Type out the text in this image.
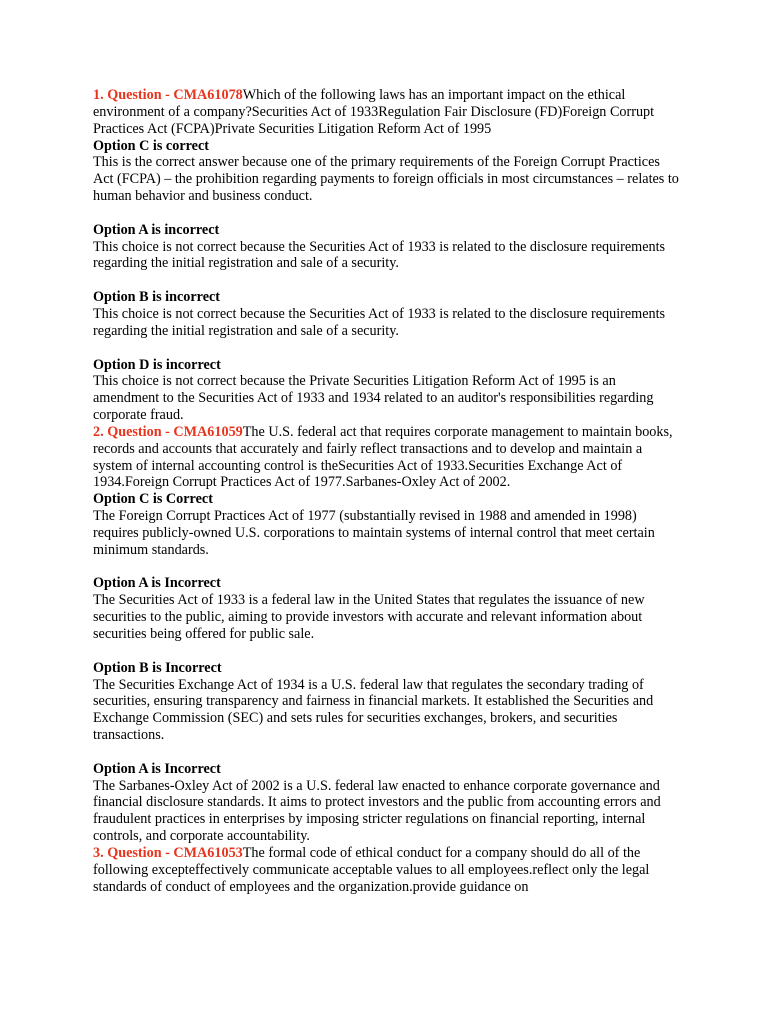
1. Question - CMA61078Which of the following laws has an important impact on the ethical environment of a company?Securities Act of 1933Regulation Fair Disclosure (FD)Foreign Corrupt Practices Act (FCPA)Private Securities Litigation Reform Act of 1995
Option C is correct
This is the correct answer because one of the primary requirements of the Foreign Corrupt Practices Act (FCPA) – the prohibition regarding payments to foreign officials in most circumstances – relates to human behavior and business conduct.
Option A is incorrect
This choice is not correct because the Securities Act of 1933 is related to the disclosure requirements regarding the initial registration and sale of a security.
Option B is incorrect
This choice is not correct because the Securities Act of 1933 is related to the disclosure requirements regarding the initial registration and sale of a security.
Option D is incorrect
This choice is not correct because the Private Securities Litigation Reform Act of 1995 is an amendment to the Securities Act of 1933 and 1934 related to an auditor's responsibilities regarding corporate fraud.
2. Question - CMA61059The U.S. federal act that requires corporate management to maintain books, records and accounts that accurately and fairly reflect transactions and to develop and maintain a system of internal accounting control is theSecurities Act of 1933.Securities Exchange Act of 1934.Foreign Corrupt Practices Act of 1977.Sarbanes-Oxley Act of 2002.
Option C is Correct
The Foreign Corrupt Practices Act of 1977 (substantially revised in 1988 and amended in 1998) requires publicly-owned U.S. corporations to maintain systems of internal control that meet certain minimum standards.
Option A is Incorrect
The Securities Act of 1933 is a federal law in the United States that regulates the issuance of new securities to the public, aiming to provide investors with accurate and relevant information about securities being offered for public sale.
Option B is Incorrect
The Securities Exchange Act of 1934 is a U.S. federal law that regulates the secondary trading of securities, ensuring transparency and fairness in financial markets. It established the Securities and Exchange Commission (SEC) and sets rules for securities exchanges, brokers, and securities transactions.
Option A is Incorrect
The Sarbanes-Oxley Act of 2002 is a U.S. federal law enacted to enhance corporate governance and financial disclosure standards. It aims to protect investors and the public from accounting errors and fraudulent practices in enterprises by imposing stricter regulations on financial reporting, internal controls, and corporate accountability.
3. Question - CMA61053The formal code of ethical conduct for a company should do all of the following excepteffectively communicate acceptable values to all employees.reflect only the legal standards of conduct of employees and the organization.provide guidance on
